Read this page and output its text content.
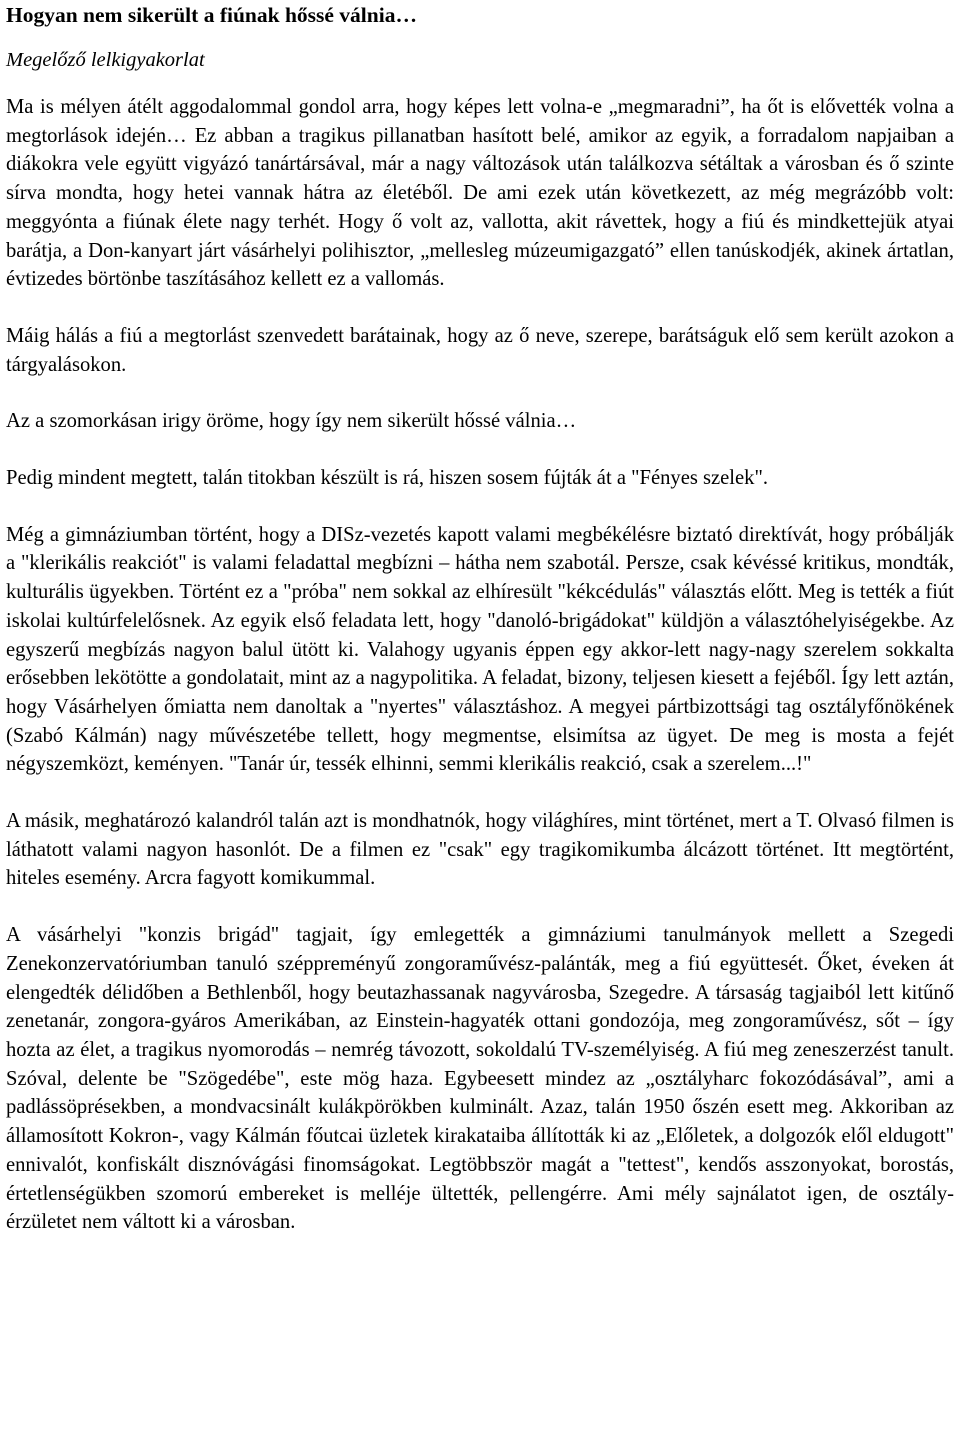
Hogyan nem sikerült a fiúnak hőssé válnia…
Megelőző lelkigyakorlat

Ma is mélyen átélt aggodalommal gondol arra, hogy képes lett volna-e „megmaradni”, ha őt is elővették volna a megtorlások idején… Ez abban a tragikus pillanatban hasított belé, amikor az egyik, a forradalom napjaiban a diákokra vele együtt vigyázó tanártársával, már a nagy változások után találkozva sétáltak a városban és ő szinte sírva mondta, hogy hetei vannak hátra az életéből. De ami ezek után következett, az még megrázóbb volt: meggyónta a fiúnak élete nagy terhét. Hogy ő volt az, vallotta, akit rávettek, hogy a fiú és mindkettejük atyai barátja, a Don-kanyart járt vásárhelyi polihisztor, „mellesleg múzeumigazgató” ellen tanúskodjék, akinek ártatlan, évtizedes börtönbe taszításához kellett ez a vallomás.

Máig hálás a fiú a megtorlást szenvedett barátainak, hogy az ő neve, szerepe, barátságuk elő sem került azokon a tárgyalásokon.

Az a szomorkásan irigy öröme, hogy így nem sikerült hőssé válnia…

Pedig mindent megtett, talán titokban készült is rá, hiszen sosem fújták át a "Fényes szelek".

Még a gimnáziumban történt, hogy a DISz-vezetés kapott valami megbékélésre biztató direktívát, hogy próbálják a "klerikális reakciót" is valami feladattal megbízni – hátha nem szabotál. Persze, csak kévéssé kritikus, mondták, kulturális ügyekben. Történt ez a "próba" nem sokkal az elhíresült "kékcédulás" választás előtt. Meg is tették a fiút iskolai kultúrfelelősnek. Az egyik első feladata lett, hogy "danoló-brigádokat" küldjön a választóhelyiségekbe. Az egyszerű megbízás nagyon balul ütött ki. Valahogy ugyanis éppen egy akkor-lett nagy-nagy szerelem sokkalta erősebben lekötötte a gondolatait, mint az a nagypolitika. A feladat, bizony, teljesen kiesett a fejéből. Így lett aztán, hogy Vásárhelyen őmiatta nem danoltak a "nyertes" választáshoz. A megyei pártbizottsági tag osztályfőnökének (Szabó Kálmán) nagy művészetébe tellett, hogy megmentse, elsimítsa az ügyet. De meg is mosta a fejét négyszemközt, keményen. "Tanár úr, tessék elhinni, semmi klerikális reakció, csak a szerelem...!"

A másik, meghatározó kalandról talán azt is mondhatnók, hogy világhíres, mint történet, mert a T. Olvasó filmen is láthatott valami nagyon hasonlót. De a filmen ez "csak" egy tragikomikumba álcázott történet. Itt megtörtént, hiteles esemény. Arcra fagyott komikummal.

A vásárhelyi "konzis brigád" tagjait, így emlegették a gimnáziumi tanulmányok mellett a Szegedi Zenekonzervatóriumban tanuló széppreményű zongoraművész-palánták, meg a fiú együttesét. Őket, éveken át elengedték délidőben a Bethlenből, hogy beutazhassanak nagyvárosba, Szegedre. A társaság tagjaiból lett kitűnő zenetanár, zongora-gyáros Amerikában, az Einstein-hagyaték ottani gondozója, meg zongoraművész, sőt – így hozta az élet, a tragikus nyomorodás – nemrég távozott, sokoldalú TV-személyiség. A fiú meg zeneszerzést tanult. Szóval, delente be "Szögedébe", este mög haza. Egybeesett mindez az „osztályharc fokozódásával”, ami a padlássöprésekben, a mondvacsinált kulákpörökben kulminált. Azaz, talán 1950 őszén esett meg. Akkoriban az államosított Kokron-, vagy Kálmán főutcai üzletek kirakataiba állították ki az „Előletek, a dolgozók elől eldugott" ennivalót, konfiskált disznóvágási finomságokat. Legtöbbször magát a "tettest", kendős asszonyokat, borostás, értetlenségükben szomorú embereket is melléje ültették, pellengérre. Ami mély sajnálatot igen, de osztály-érzületet nem váltott ki a városban.
